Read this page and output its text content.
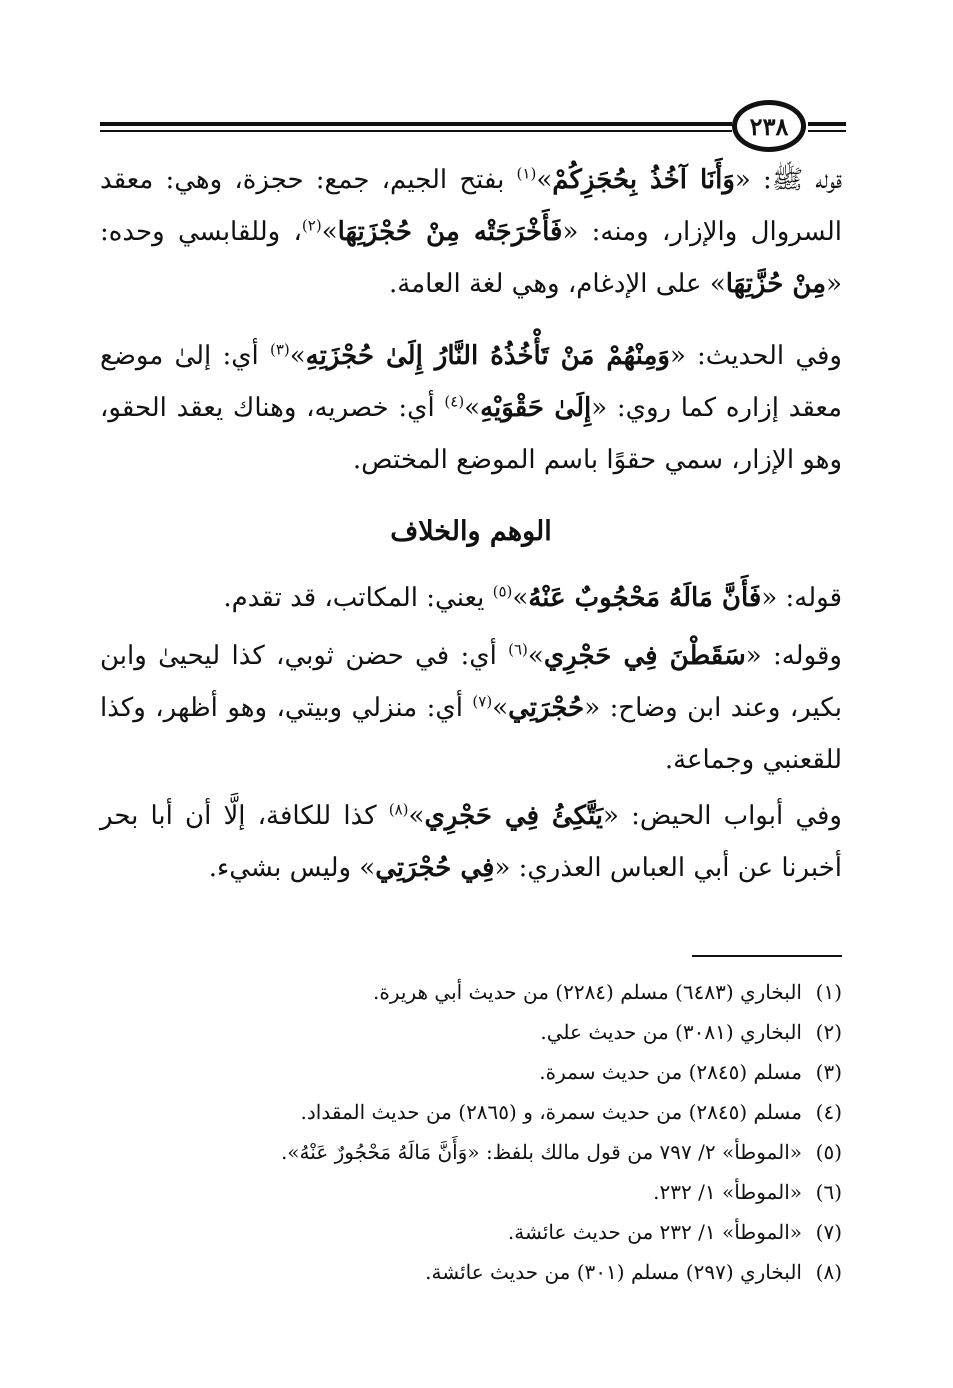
٢٣٨
قوله ﷺ: «وَأَنَا آخُذُ بِحُجَزِكُمْ»$^{(١)}$ بفتح الجيم، جمع: حجزة، وهي: معقد السروال والإزار، ومنه: «فَأَخْرَجَتْه مِنْ حُجْزَتِهَا»$^{(٢)}$، وللقابسي وحده: «مِنْ حُزَّتِهَا» على الإدغام، وهي لغة العامة.
وفي الحديث: «وَمِنْهُمْ مَنْ تَأْخُذُهُ النَّارُ إِلَىٰ حُجْزَتِهِ»$^{(٣)}$ أي: إلىٰ موضع معقد إزاره كما روي: «إِلَىٰ حَقْوَيْهِ»$^{(٤)}$ أي: خصريه، وهناك يعقد الحقو، وهو الإزار، سمي حقوًا باسم الموضع المختص.
الوهم والخلاف
قوله: «فَأَنَّ مَالَهُ مَحْجُوبٌ عَنْهُ»$^{(٥)}$ يعني: المكاتب، قد تقدم.
وقوله: «سَقَطْنَ فِي حَجْرِي»$^{(٦)}$ أي: في حضن ثوبي، كذا ليحيىٰ وابن بكير، وعند ابن وضاح: «حُجْرَتِي»$^{(٧)}$ أي: منزلي وبيتي، وهو أظهر، وكذا للقعنبي وجماعة.
وفي أبواب الحيض: «يَتَّكِئُ فِي حَجْرِي»$^{(٨)}$ كذا للكافة، إلَّا أن أبا بحر أخبرنا عن أبي العباس العذري: «فِي حُجْرَتِي» وليس بشيء.
(١)البخاري (٦٤٨٣) مسلم (٢٢٨٤) من حديث أبي هريرة.
(٢)البخاري (٣٠٨١) من حديث علي.
(٣)مسلم (٢٨٤٥) من حديث سمرة.
(٤)مسلم (٢٨٤٥) من حديث سمرة، و (٢٨٦٥) من حديث المقداد.
(٥)«الموطأ» ٢/ ٧٩٧ من قول مالك بلفظ: «وَأَنَّ مَالَهُ مَحْجُورٌ عَنْهُ».
(٦)«الموطأ» ١/ ٢٣٢.
(٧)«الموطأ» ١/ ٢٣٢ من حديث عائشة.
(٨)البخاري (٢٩٧) مسلم (٣٠١) من حديث عائشة.
